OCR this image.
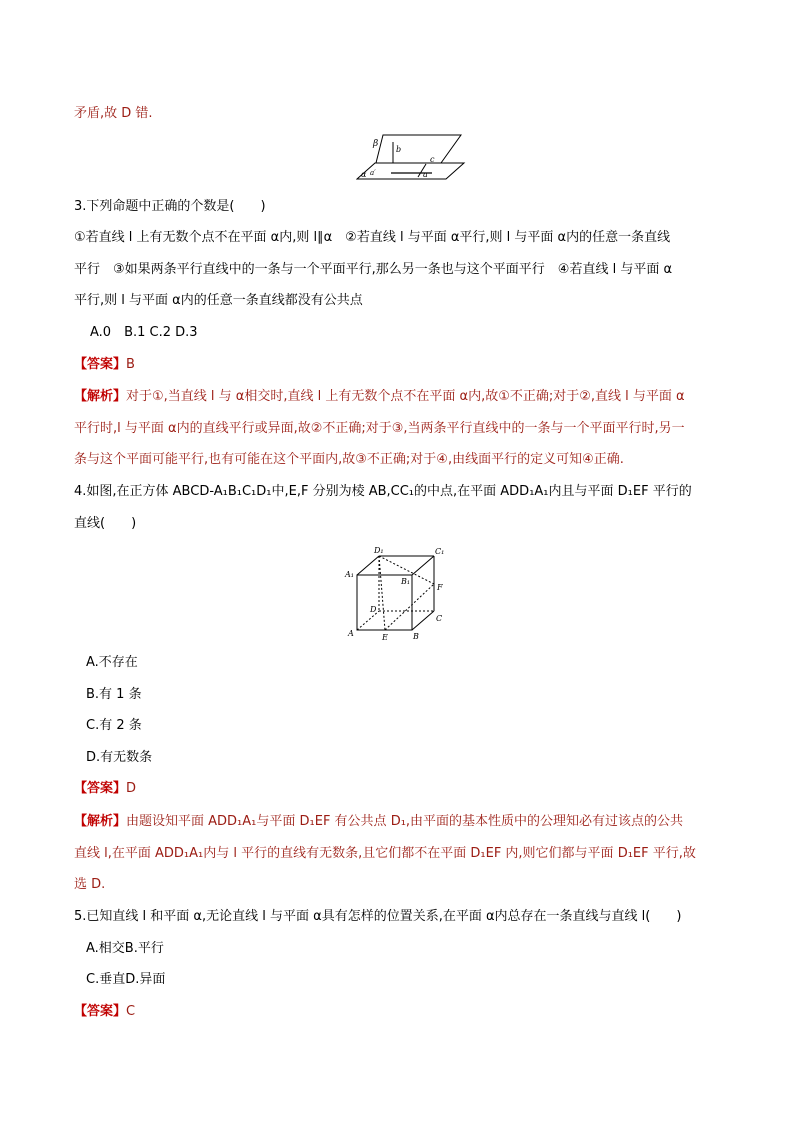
矛盾,故 D 错.
β
b
c
α a′	a
3.下列命题中正确的个数是(　　)
①若直线 l 上有无数个点不在平面 α内,则 l∥α　②若直线 l 与平面 α平行,则 l 与平面 α内的任意一条直线
平行　③如果两条平行直线中的一条与一个平面平行,那么另一条也与这个平面平行　④若直线 l 与平面 α
平行,则 l 与平面 α内的任意一条直线都没有公共点
A.0　B.1 C.2 D.3
【答案】B
【解析】对于①,当直线 l 与 α相交时,直线 l 上有无数个点不在平面 α内,故①不正确;对于②,直线 l 与平面 α
平行时,l 与平面 α内的直线平行或异面,故②不正确;对于③,当两条平行直线中的一条与一个平面平行时,另一
条与这个平面可能平行,也有可能在这个平面内,故③不正确;对于④,由线面平行的定义可知④正确.
4.如图,在正方体 ABCD-A₁B₁C₁D₁中,E,F 分别为棱 AB,CC₁的中点,在平面 ADD₁A₁内且与平面 D₁EF 平行的
直线(　　)
D₁	C₁
A₁
B₁
F
D
C
A	E	B
A.不存在
B.有 1 条
C.有 2 条
D.有无数条
【答案】D
【解析】由题设知平面 ADD₁A₁与平面 D₁EF 有公共点 D₁,由平面的基本性质中的公理知必有过该点的公共
直线 l,在平面 ADD₁A₁内与 l 平行的直线有无数条,且它们都不在平面 D₁EF 内,则它们都与平面 D₁EF 平行,故
选 D.
5.已知直线 l 和平面 α,无论直线 l 与平面 α具有怎样的位置关系,在平面 α内总存在一条直线与直线 l(　　)
A.相交B.平行
C.垂直D.异面
【答案】C
